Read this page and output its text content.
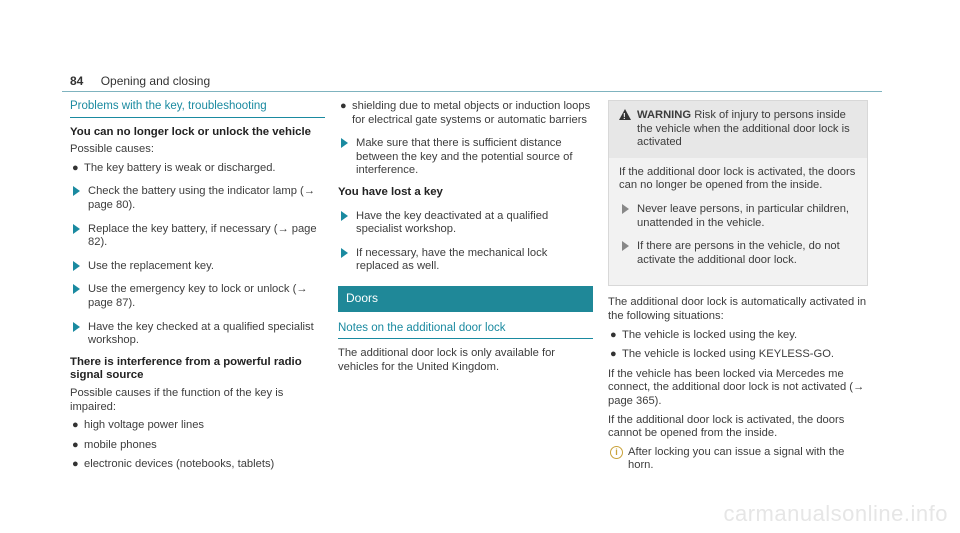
84 Opening and closing
Problems with the key, troubleshooting
You can no longer lock or unlock the vehicle

Possible causes:

● The key battery is weak or discharged.
Check the battery using the indicator lamp (→ page 80).
Replace the key battery, if necessary (→ page 82).
Use the replacement key.
Use the emergency key to lock or unlock (→ page 87).
Have the key checked at a qualified specialist workshop.
There is interference from a powerful radio signal source

Possible causes if the function of the key is impaired:

● high voltage power lines
● mobile phones
● electronic devices (notebooks, tablets)
● shielding due to metal objects or induction loops for electrical gate systems or automatic barriers
Make sure that there is sufficient distance between the key and the potential source of interference.
You have lost a key
Have the key deactivated at a qualified specialist workshop.
If necessary, have the mechanical lock replaced as well.
Doors
Notes on the additional door lock

The additional door lock is only available for vehicles for the United Kingdom.

!
WARNING Risk of injury to persons inside the vehicle when the additional door lock is activated

If the additional door lock is activated, the doors can no longer be opened from the inside.

Never leave persons, in particular children, unattended in the vehicle.
If there are persons in the vehicle, do not activate the additional door lock.

The additional door lock is automatically activated in the following situations:

● The vehicle is locked using the key.
● The vehicle is locked using KEYLESS-GO.

If the vehicle has been locked via Mercedes me connect, the additional door lock is not activated (→ page 365).

If the additional door lock is activated, the doors cannot be opened from the inside.

i After locking you can issue a signal with the horn.
carmanualsonline.info
